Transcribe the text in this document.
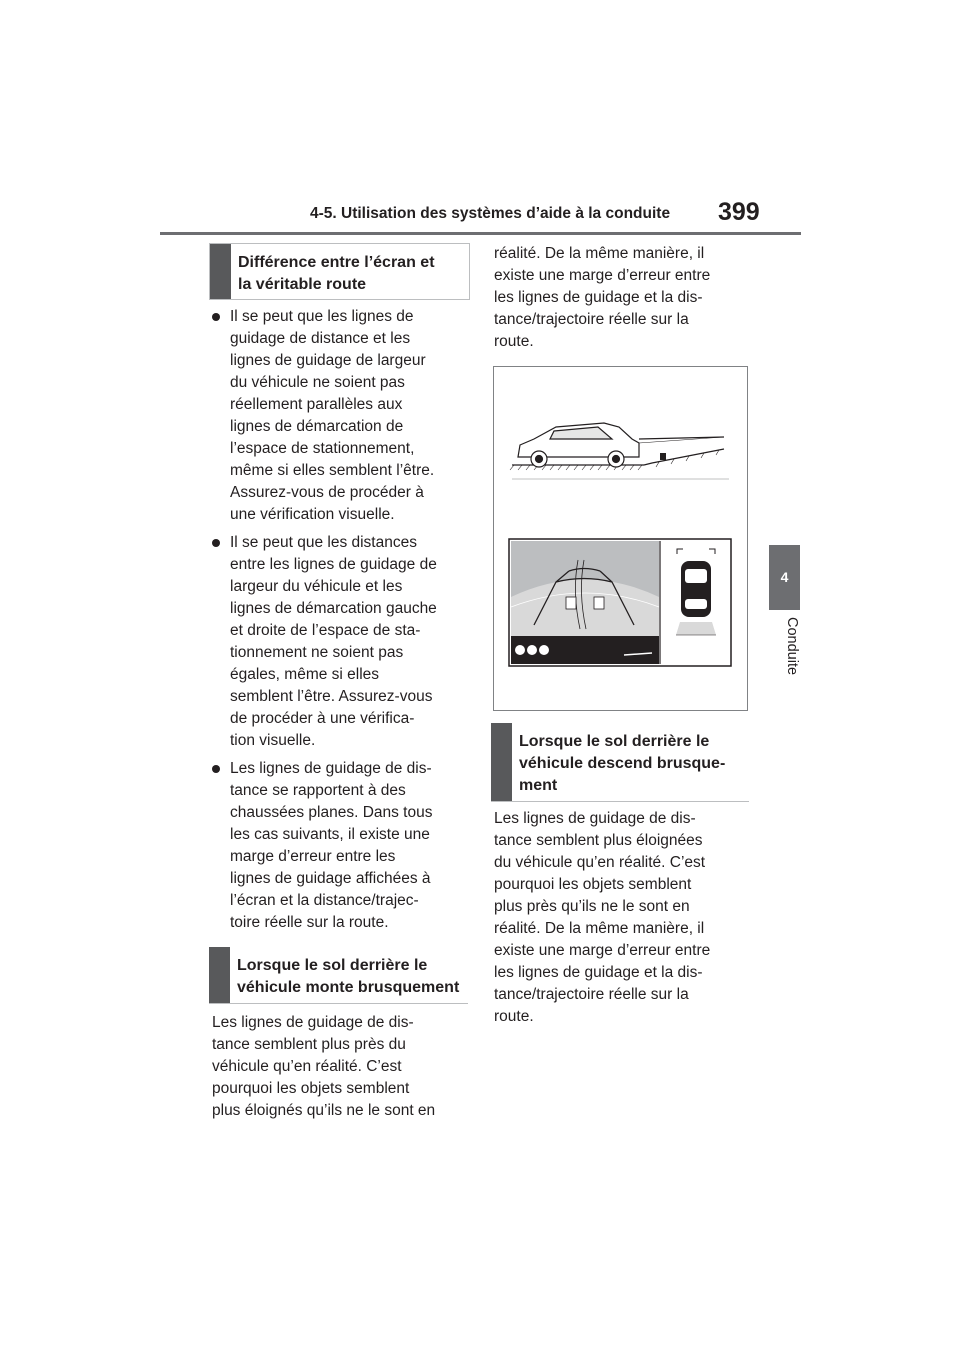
4-5. Utilisation des systèmes d’aide à la conduite 399
4
Conduite
Différence entre l’écran et
la véritable route
Il se peut que les lignes de
guidage de distance et les
lignes de guidage de largeur
du véhicule ne soient pas
réellement parallèles aux
lignes de démarcation de
l’espace de stationnement,
même si elles semblent l’être.
Assurez-vous de procéder à
une vérification visuelle.
Il se peut que les distances
entre les lignes de guidage de
largeur du véhicule et les
lignes de démarcation gauche
et droite de l’espace de sta-
tionnement ne soient pas
égales, même si elles
semblent l’être. Assurez-vous
de procéder à une vérifica-
tion visuelle.
Les lignes de guidage de dis-
tance se rapportent à des
chaussées planes. Dans tous
les cas suivants, il existe une
marge d’erreur entre les
lignes de guidage affichées à
l’écran et la distance/trajec-
toire réelle sur la route.
Lorsque le sol derrière le
véhicule monte brusquement
Les lignes de guidage de dis-
tance semblent plus près du
véhicule qu’en réalité. C’est
pourquoi les objets semblent
plus éloignés qu’ils ne le sont en
réalité. De la même manière, il
existe une marge d’erreur entre
les lignes de guidage et la dis-
tance/trajectoire réelle sur la
route.
Lorsque le sol derrière le
véhicule descend brusque-
ment
Les lignes de guidage de dis-
tance semblent plus éloignées
du véhicule qu’en réalité. C’est
pourquoi les objets semblent
plus près qu’ils ne le sont en
réalité. De la même manière, il
existe une marge d’erreur entre
les lignes de guidage et la dis-
tance/trajectoire réelle sur la
route.
